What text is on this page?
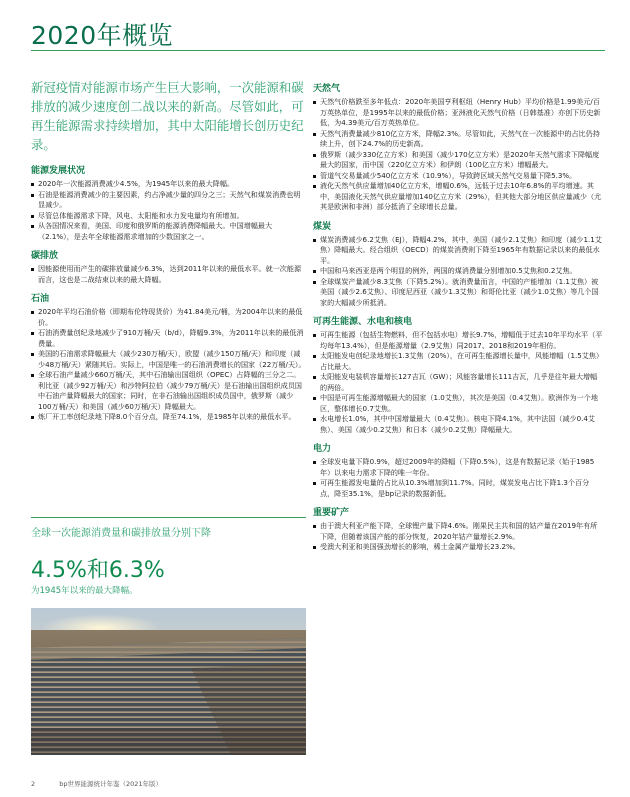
2020年概览
新冠疫情对能源市场产生巨大影响，一次能源和碳排放的减少速度创二战以来的新高。尽管如此，可再生能源需求持续增加，其中太阳能增长创历史纪录。
能源发展状况
2020年一次能源消费减少4.5%，为1945年以来的最大降幅。
石油是能源消费减少的主要因素，约占净减少量的四分之三；天然气和煤炭消费也明显减少。
尽管总体能源需求下降，风电、太阳能和水力发电量均有所增加。
从各国情况来看，美国、印度和俄罗斯的能源消费降幅最大。中国增幅最大（2.1%），是去年全球能源需求增加的少数国家之一。
碳排放
因能源使用而产生的碳排放量减少6.3%，达到2011年以来的最低水平。就一次能源而言，这也是二战结束以来的最大降幅。
石油
2020年平均石油价格（即期布伦特现货价）为41.84美元/桶，为2004年以来的最低价。
石油消费量创纪录地减少了910万桶/天（b/d），降幅9.3%，为2011年以来的最低消费量。
美国的石油需求降幅最大（减少230万桶/天），欧盟（减少150万桶/天）和印度（减少48万桶/天）紧随其后。实际上，中国是唯一的石油消费增长的国家（22万桶/天）。
全球石油产量减少660万桶/天，其中石油输出国组织（OPEC）占降幅的三分之二。利比亚（减少92万桶/天）和沙特阿拉伯（减少79万桶/天）是石油输出国组织成员国中石油产量降幅最大的国家；同时，在非石油输出国组织成员国中，俄罗斯（减少100万桶/天）和美国（减少60万桶/天）降幅最大。
炼厂开工率创纪录地下降8.0个百分点，降至74.1%，是1985年以来的最低水平。
全球一次能源消费量和碳排放量分别下降
4.5%和6.3%
为1945年以来的最大降幅。
天然气
天然气价格跌至多年低点：2020年美国亨利枢纽（Henry Hub）平均价格是1.99美元/百万英热单位，是1995年以来的最低价格；亚洲液化天然气价格（日韩基准）亦创下历史新低，为4.39美元/百万英热单位。
天然气消费量减少810亿立方米，降幅2.3%。尽管如此，天然气在一次能源中的占比仍持续上升，创下24.7%的历史新高。
俄罗斯（减少330亿立方米）和美国（减少170亿立方米）是2020年天然气需求下降幅度最大的国家，而中国（220亿立方米）和伊朗（100亿立方米）增幅最大。
管道气交易量减少540亿立方米（10.9%），导致跨区域天然气交易量下降5.3%。
液化天然气供应量增加40亿立方米，增幅0.6%，远低于过去10年6.8%的平均增速。其中，美国液化天然气供应量增加140亿立方米（29%），但其他大部分地区供应量减少（尤其是欧洲和非洲）部分抵消了全球增长总量。
煤炭
煤炭消费减少6.2艾焦（EJ），降幅4.2%，其中，美国（减少2.1艾焦）和印度（减少1.1艾焦）降幅最大。经合组织（OECD）的煤炭消费则下降至1965年有数据记录以来的最低水平。
中国和马来西亚是两个明显的例外，两国的煤消费量分别增加0.5艾焦和0.2艾焦。
全球煤炭产量减少8.3艾焦（下降5.2%）。就消费量而言，中国的产能增加（1.1艾焦）被美国（减少2.6艾焦）、印度尼西亚（减少1.3艾焦）和哥伦比亚（减少1.0艾焦）等几个国家的大幅减少所抵消。
可再生能源、水电和核电
可再生能源（包括生物燃料，但不包括水电）增长9.7%，增幅低于过去10年平均水平（平均每年13.4%），但是能源增量（2.9艾焦）同2017、2018和2019年相仿。
太阳能发电创纪录地增长1.3艾焦（20%），在可再生能源增长量中，风能增幅（1.5艾焦）占比最大。
太阳能发电装机容量增长127吉瓦（GW）；风能容量增长111吉瓦，几乎是往年最大增幅的两倍。
中国是可再生能源增幅最大的国家（1.0艾焦），其次是美国（0.4艾焦）。欧洲作为一个地区，整体增长0.7艾焦。
水电增长1.0%，其中中国增量最大（0.4艾焦）。核电下降4.1%，其中法国（减少0.4艾焦）、美国（减少0.2艾焦）和日本（减少0.2艾焦）降幅最大。
电力
全球发电量下降0.9%，超过2009年的降幅（下降0.5%），这是有数据记录（始于1985年）以来电力需求下降的唯一年份。
可再生能源发电量的占比从10.3%增加到11.7%。同时，煤炭发电占比下降1.3个百分点，降至35.1%，是bp记录的数据新低。
重要矿产
由于澳大利亚产能下降，全球锂产量下降4.6%。刚果民主共和国的钴产量在2019年有所下降，但随着该国产能的部分恢复，2020年钴产量增长2.9%。
受澳大利亚和美国强劲增长的影响，稀土金属产量增长23.2%。
2	bp世界能源统计年鉴（2021年版）
